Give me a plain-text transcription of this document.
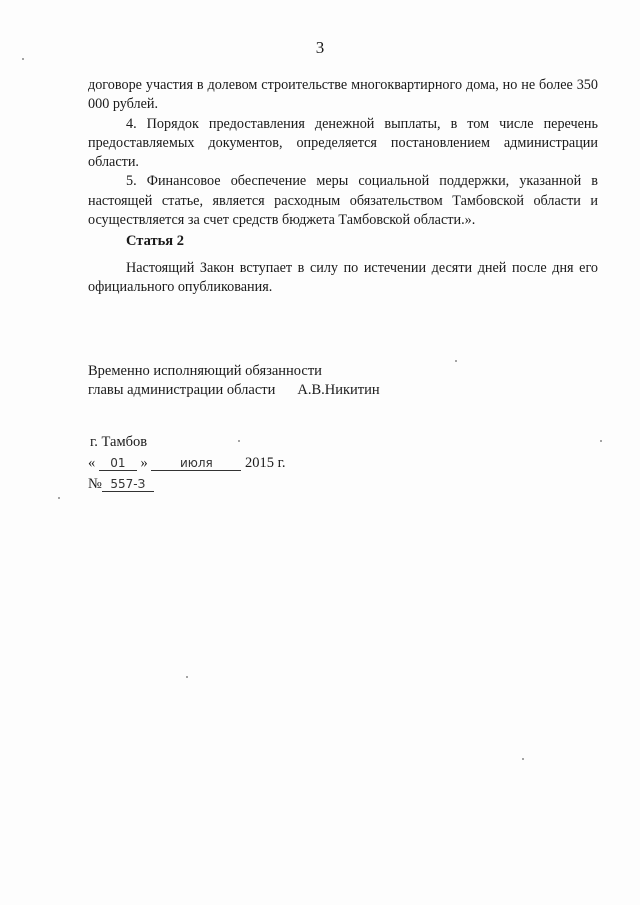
3

договоре участия в долевом строительстве многоквартирного дома, но не более 350 000 рублей.

4. Порядок предоставления денежной выплаты, в том числе перечень предоставляемых документов, определяется постановлением администрации области.

5. Финансовое обеспечение меры социальной поддержки, указанной в настоящей статье, является расходным обязательством Тамбовской области и осуществляется за счет средств бюджета Тамбовской области.».

Статья 2

Настоящий Закон вступает в силу по истечении десяти дней после дня его официального опубликования.

Временно исполняющий обязанности
главы администрации области А.В.Никитин
г. Тамбов
« 01 »	июля 2015 г.
№ 557-З
